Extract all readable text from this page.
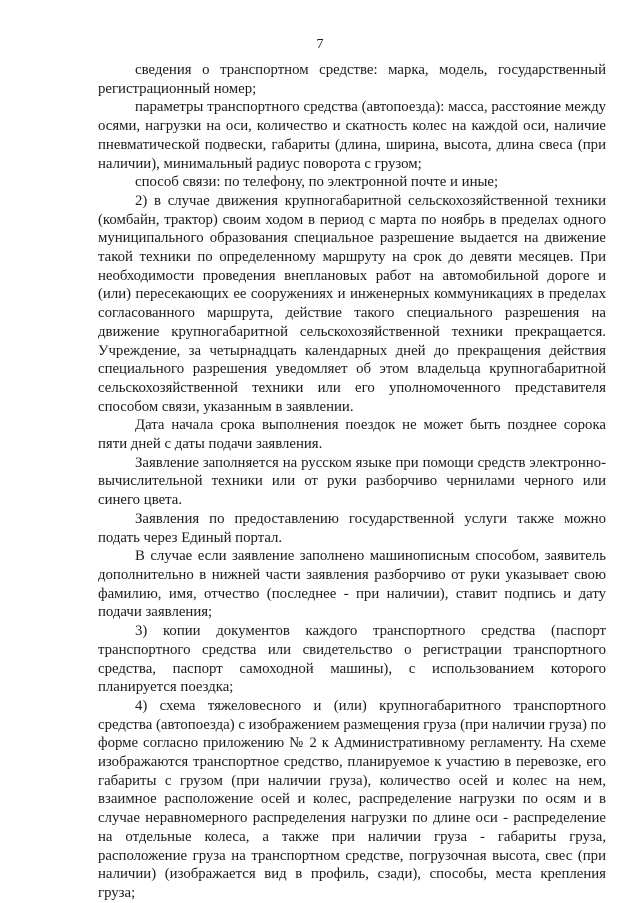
7

сведения о транспортном средстве: марка, модель, государственный регистрационный номер;

параметры транспортного средства (автопоезда): масса, расстояние между осями, нагрузки на оси, количество и скатность колес на каждой оси, наличие пневматической подвески, габариты (длина, ширина, высота, длина свеса (при наличии), минимальный радиус поворота с грузом;

способ связи: по телефону, по электронной почте и иные;

2) в случае движения крупногабаритной сельскохозяйственной техники (комбайн, трактор) своим ходом в период с марта по ноябрь в пределах одного муниципального образования специальное разрешение выдается на движение такой техники по определенному маршруту на срок до девяти месяцев. При необходимости проведения внеплановых работ на автомобильной дороге и (или) пересекающих ее сооружениях и инженерных коммуникациях в пределах согласованного маршрута, действие такого специального разрешения на движение крупногабаритной сельскохозяйственной техники прекращается. Учреждение, за четырнадцать календарных дней до прекращения действия специального разрешения уведомляет об этом владельца крупногабаритной сельскохозяйственной техники или его уполномоченного представителя способом связи, указанным в заявлении.

Дата начала срока выполнения поездок не может быть позднее сорока пяти дней с даты подачи заявления.

Заявление заполняется на русском языке при помощи средств электронно-вычислительной техники или от руки разборчиво чернилами черного или синего цвета.

Заявления по предоставлению государственной услуги также можно подать через Единый портал.

В случае если заявление заполнено машинописным способом, заявитель дополнительно в нижней части заявления разборчиво от руки указывает свою фамилию, имя, отчество (последнее - при наличии), ставит подпись и дату подачи заявления;

3) копии документов каждого транспортного средства (паспорт транспортного средства или свидетельство о регистрации транспортного средства, паспорт самоходной машины), с использованием которого планируется поездка;

4) схема тяжеловесного и (или) крупногабаритного транспортного средства (автопоезда) с изображением размещения груза (при наличии груза) по форме согласно приложению № 2 к Административному регламенту. На схеме изображаются транспортное средство, планируемое к участию в перевозке, его габариты с грузом (при наличии груза), количество осей и колес на нем, взаимное расположение осей и колес, распределение нагрузки по осям и в случае неравномерного распределения нагрузки по длине оси - распределение на отдельные колеса, а также при наличии груза - габариты груза, расположение груза на транспортном средстве, погрузочная высота, свес (при наличии) (изображается вид в профиль, сзади), способы, места крепления груза;
